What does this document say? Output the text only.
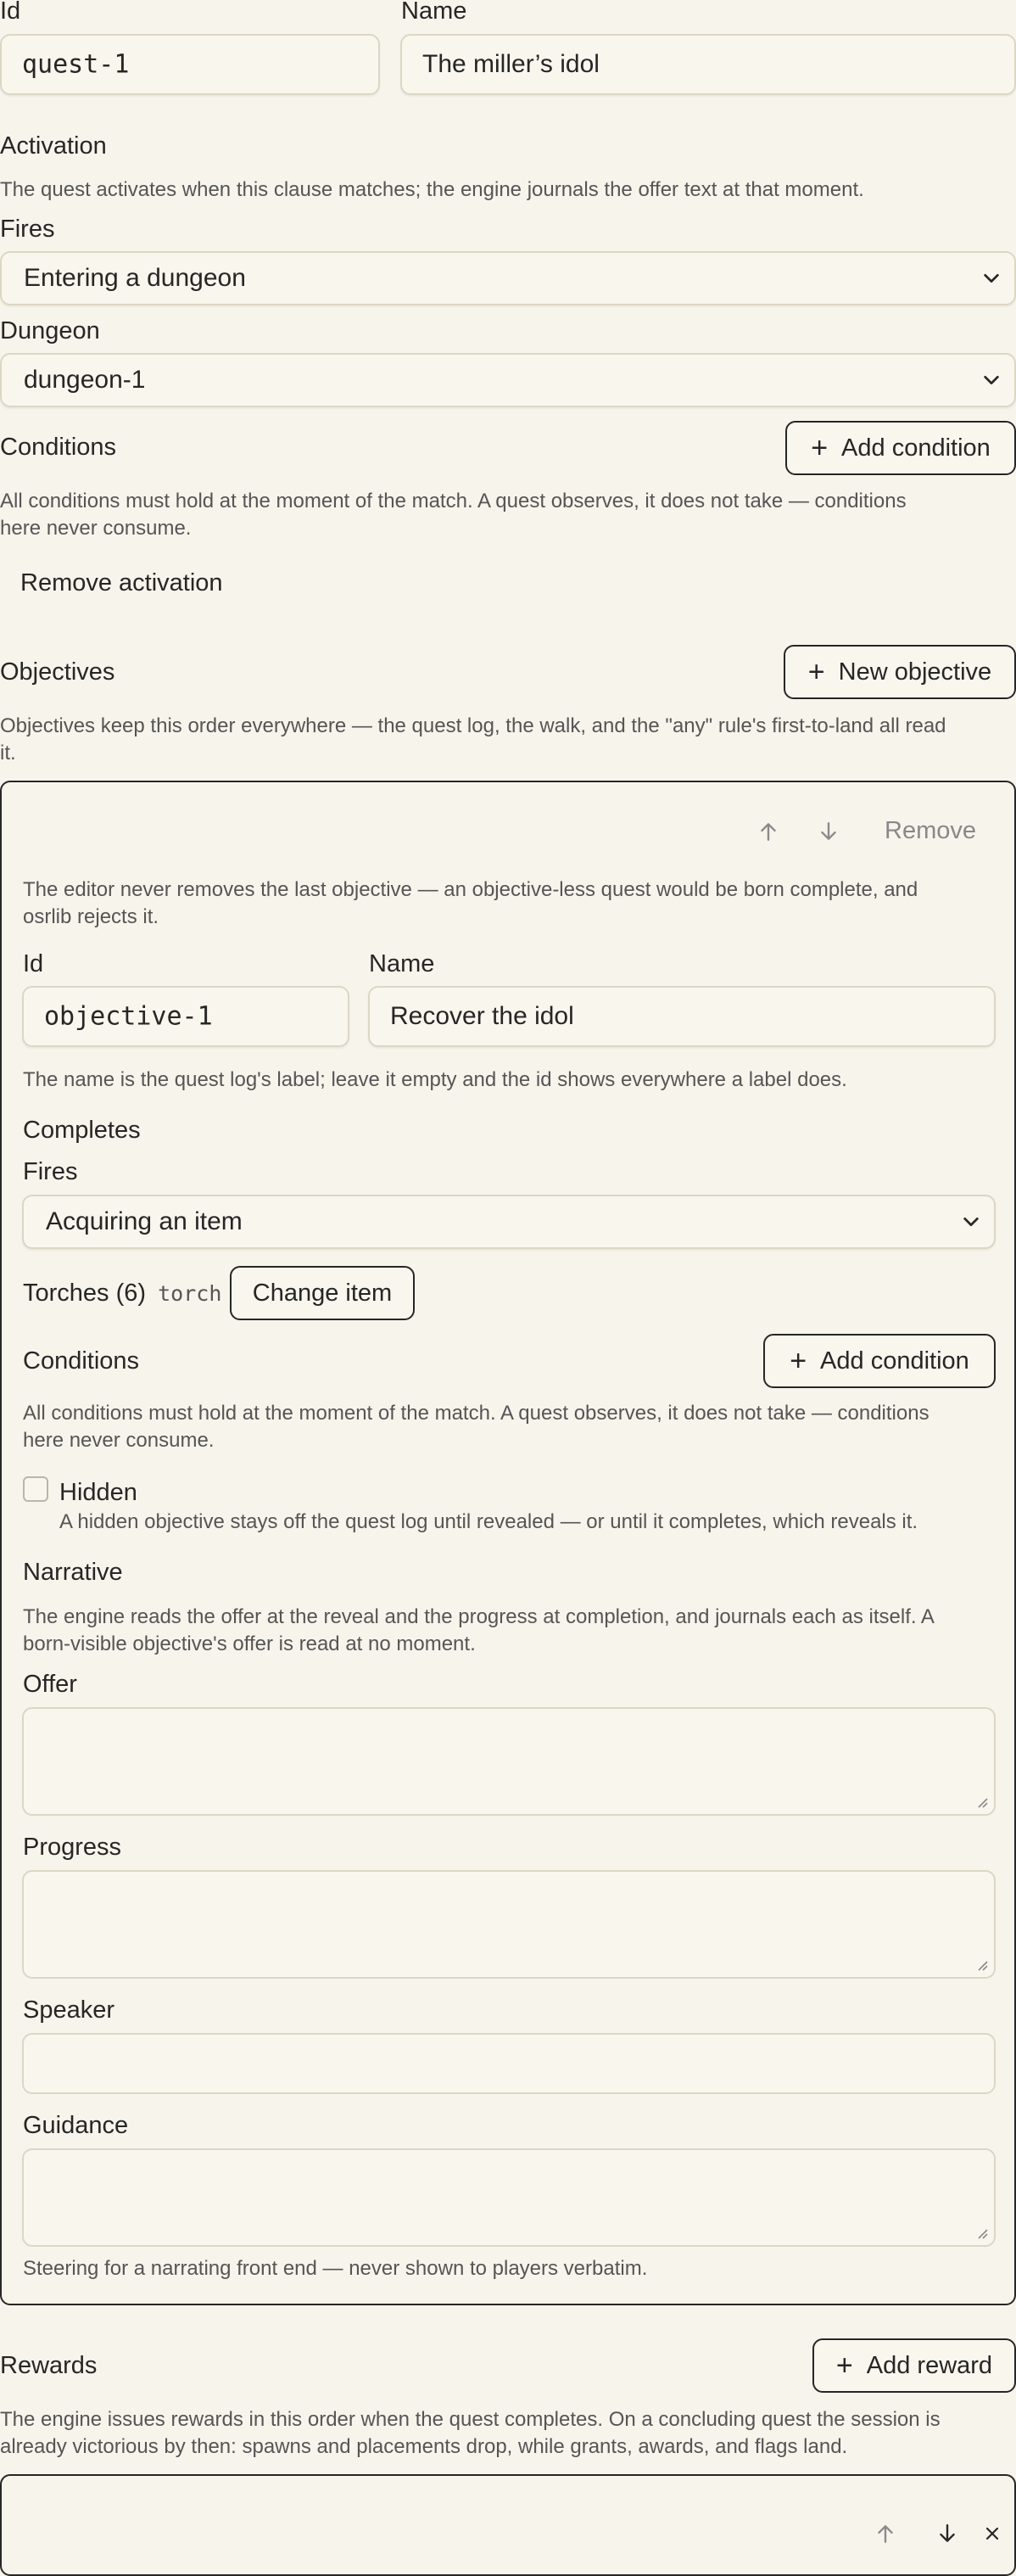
Id
quest-1
Name
The miller’s idol
Activation
The quest activates when this clause matches; the engine journals the offer text at that moment.
Fires
Entering a dungeon
Dungeon
dungeon-1
Conditions	+ Add condition
All conditions must hold at the moment of the match. A quest observes, it does not take — conditions
here never consume.
Remove activation
Objectives	+ New objective
Objectives keep this order everywhere — the quest log, the walk, and the "any" rule's first-to-land all read
it.
Remove
The editor never removes the last objective — an objective-less quest would be born complete, and
osrlib rejects it.
Id
objective-1
Name
Recover the idol
The name is the quest log's label; leave it empty and the id shows everywhere a label does.
Completes
Fires
Acquiring an item
Torches (6) torch	Change item
Conditions	+ Add condition
All conditions must hold at the moment of the match. A quest observes, it does not take — conditions
here never consume.
Hidden
A hidden objective stays off the quest log until revealed — or until it completes, which reveals it.
Narrative
The engine reads the offer at the reveal and the progress at completion, and journals each as itself. A
born-visible objective's offer is read at no moment.
Offer
Progress
Speaker
Guidance
Steering for a narrating front end — never shown to players verbatim.
Rewards	+ Add reward
The engine issues rewards in this order when the quest completes. On a concluding quest the session is
already victorious by then: spawns and placements drop, while grants, awards, and flags land.
